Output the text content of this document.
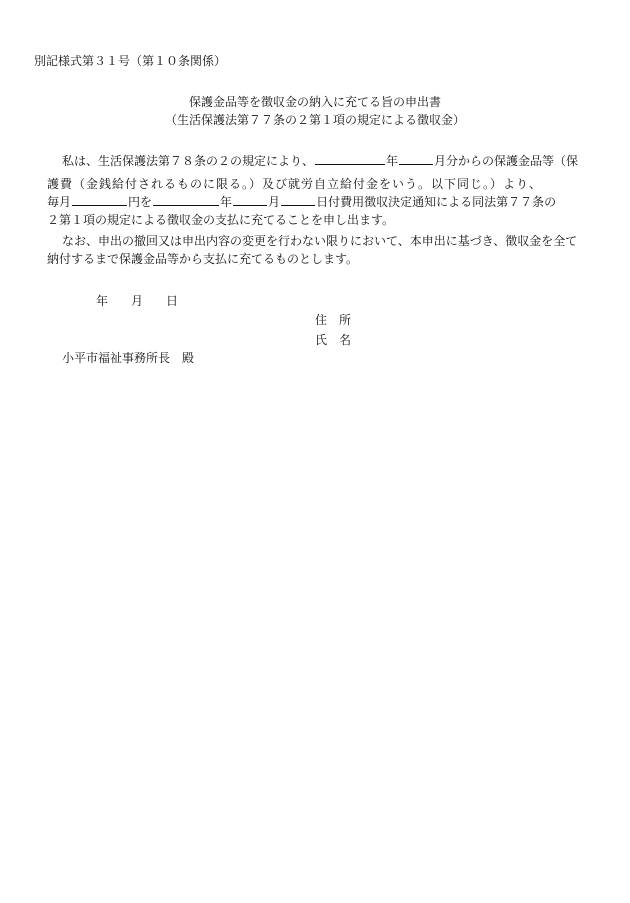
別記様式第３１号（第１０条関係）
保護金品等を徴収金の納入に充てる旨の申出書
（生活保護法第７７条の２第１項の規定による徴収金）
私は、生活保護法第７８条の２の規定により、	年	月分からの保護金品等（保
護費（金銭給付されるものに限る。）及び就労自立給付金をいう。以下同じ。）より、
毎月	円を	年	月	日付費用徴収決定通知による同法第７７条の
２第１項の規定による徴収金の支払に充てることを申し出ます。
なお、申出の撤回又は申出内容の変更を行わない限りにおいて、本申出に基づき、徴収金を全て
納付するまで保護金品等から支払に充てるものとします。
年 月 日
住 所
氏 名
小平市福祉事務所長　殿
